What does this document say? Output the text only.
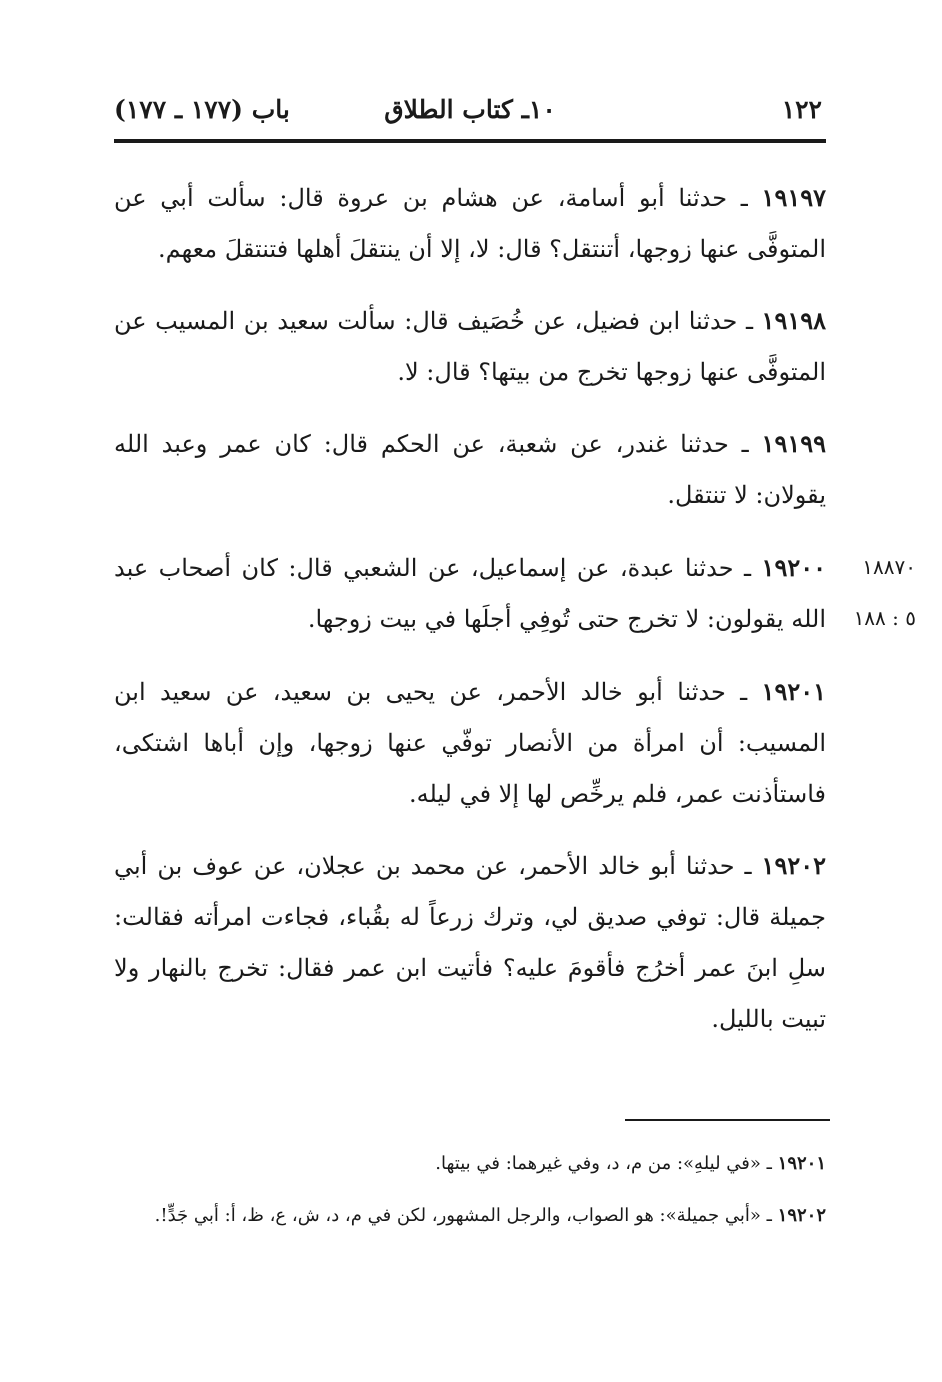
١٢٢
١٠ـ كتاب الطلاق
باب (١٧٧ ـ ١٧٧)
١٩١٩٧ ـ حدثنا أبو أسامة، عن هشام بن عروة قال: سألت أبي عن المتوفَّى عنها زوجها، أتنتقل؟ قال: لا، إلا أن ينتقلَ أهلها فتنتقلَ معهم.
١٩١٩٨ ـ حدثنا ابن فضيل، عن خُصَيف قال: سألت سعيد بن المسيب عن المتوفَّى عنها زوجها تخرج من بيتها؟ قال: لا.
١٩١٩٩ ـ حدثنا غندر، عن شعبة، عن الحكم قال: كان عمر وعبد الله يقولان: لا تنتقل.
١٩٢٠٠ ـ حدثنا عبدة، عن إسماعيل، عن الشعبي قال: كان أصحاب عبد الله يقولون: لا تخرج حتى تُوفِي أجلَها في بيت زوجها.
١٨٨٧٠
٥ : ١٨٨
١٩٢٠١ ـ حدثنا أبو خالد الأحمر، عن يحيى بن سعيد، عن سعيد ابن المسيب: أن امرأة من الأنصار توفّي عنها زوجها، وإن أباها اشتكى، فاستأذنت عمر، فلم يرخِّص لها إلا في ليله.
١٩٢٠٢ ـ حدثنا أبو خالد الأحمر، عن محمد بن عجلان، عن عوف بن أبي جميلة قال: توفي صديق لي، وترك زرعاً له بقُباء، فجاءت امرأته فقالت: سلِ ابنَ عمر أخرُج فأقومَ عليه؟ فأتيت ابن عمر فقال: تخرج بالنهار ولا تبيت بالليل.
١٩٢٠١ ـ «في ليلهِ»: من م، د، وفي غيرهما: في بيتها.
١٩٢٠٢ ـ «أبي جميلة»: هو الصواب، والرجل المشهور، لكن في م، د، ش، ع، ظ، أ: أبي جَدٍّ!.
